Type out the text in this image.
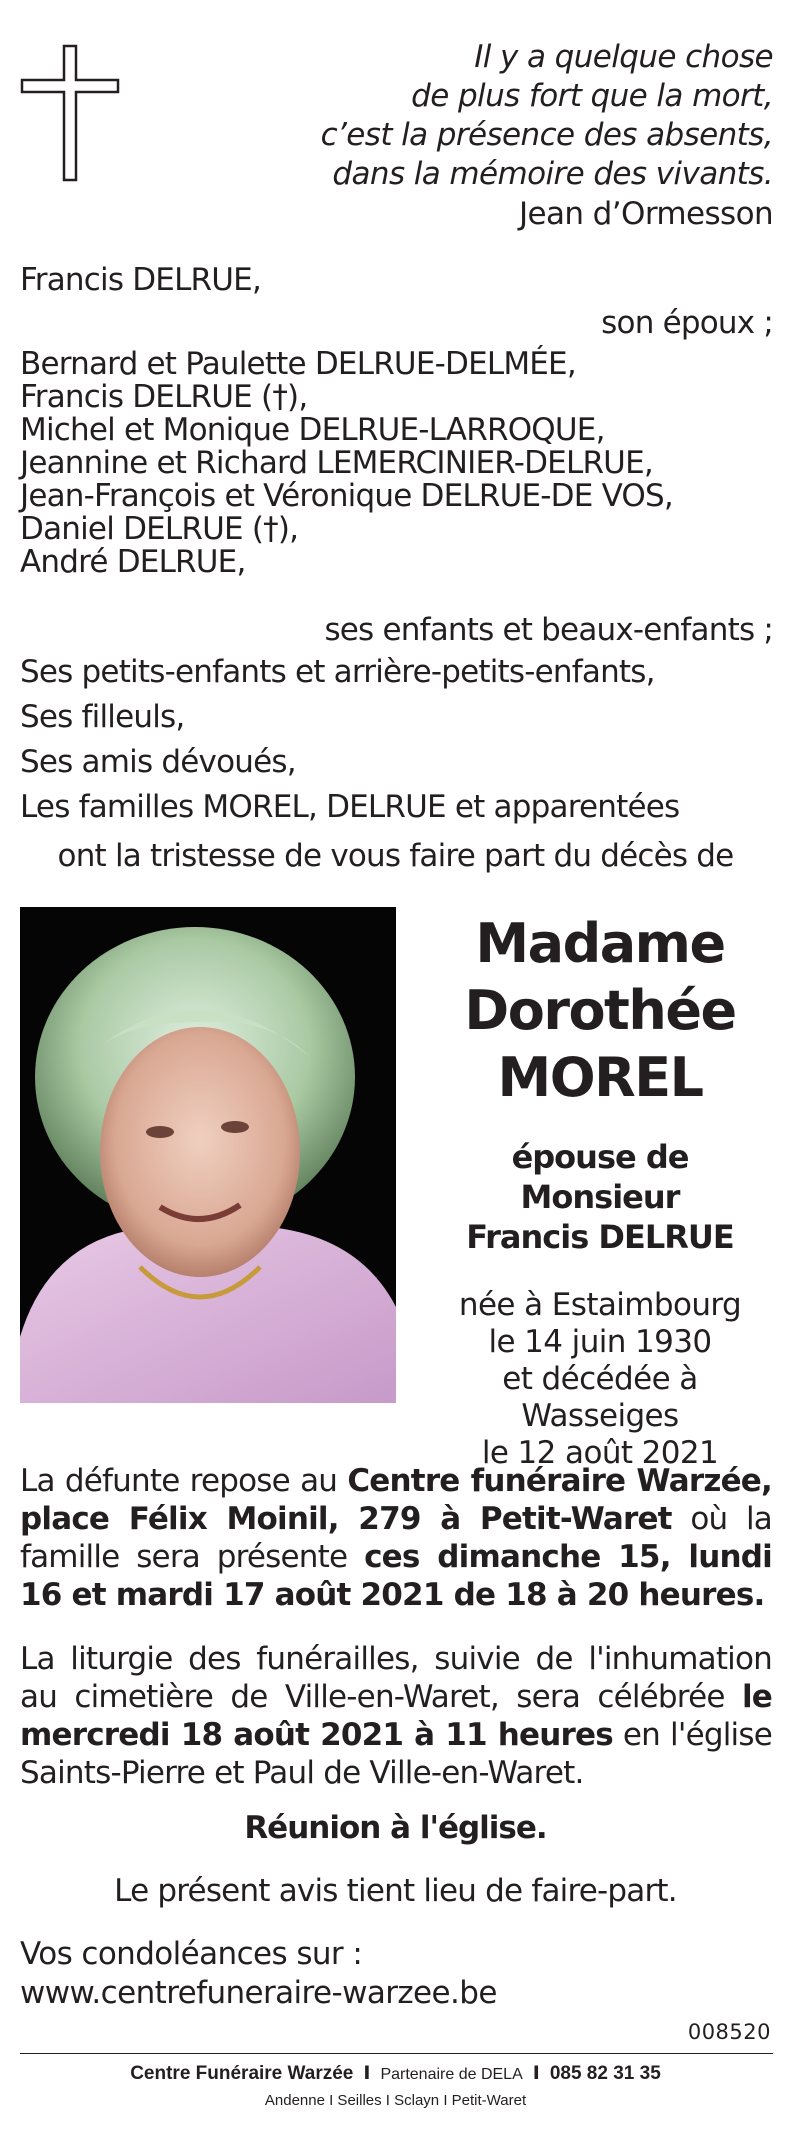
Il y a quelque chose
de plus fort que la mort,
c’est la présence des absents,
dans la mémoire des vivants.
Jean d’Ormesson
Francis DELRUE,
son époux ;
Bernard et Paulette DELRUE-DELMÉE,
Francis DELRUE (†),
Michel et Monique DELRUE-LARROQUE,
Jeannine et Richard LEMERCINIER-DELRUE,
Jean-François et Véronique DELRUE-DE VOS,
Daniel DELRUE (†),
André DELRUE,
ses enfants et beaux-enfants ;
Ses petits-enfants et arrière-petits-enfants,
Ses filleuls,
Ses amis dévoués,
Les familles MOREL, DELRUE et apparentées
ont la tristesse de vous faire part du décès de
Madame
Dorothée
MOREL
épouse de Monsieur
Francis DELRUE
née à Estaimbourg
le 14 juin 1930
et décédée à
Wasseiges
le 12 août 2021
La défunte repose au Centre funéraire Warzée, place Félix Moinil, 279 à Petit-Waret où la famille sera présente ces dimanche 15, lundi 16 et mardi 17 août 2021 de 18 à 20 heures.
La liturgie des funérailles, suivie de l'inhumation au cimetière de Ville-en-Waret, sera célébrée le mercredi 18 août 2021 à 11 heures en l'église Saints-Pierre et Paul de Ville-en-Waret.
Réunion à l'église.
Le présent avis tient lieu de faire-part.
Vos condoléances sur :
www.centrefuneraire-warzee.be
008520
Centre Funéraire Warzée I Partenaire de DELA I 085 82 31 35
Andenne I Seilles I Sclayn I Petit-Waret
